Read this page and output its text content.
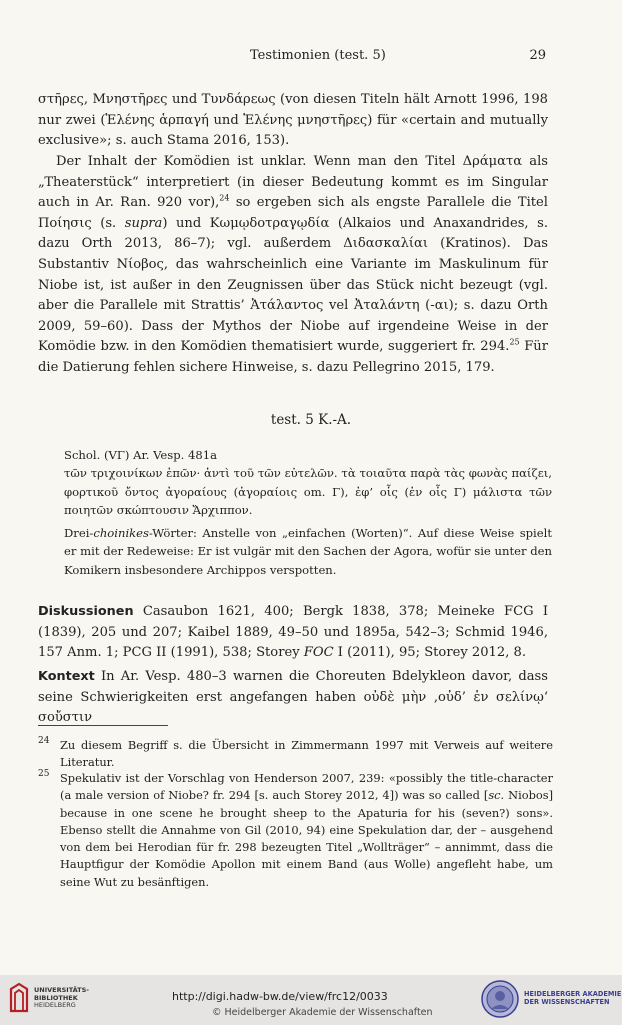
Testimonien (test. 5)	29
στῆρες, Μνηστῆρες und Τυνδάρεως (von diesen Titeln hält Arnott 1996, 198 nur zwei (Ἑλένης ἁρπαγή und Ἑλένης μνηστῆρες) für «certain and mutually exclusive»; s. auch Stama 2016, 153).
Der Inhalt der Komödien ist unklar. Wenn man den Titel Δράματα als „Theaterstück“ interpretiert (in dieser Bedeutung kommt es im Singular auch in Ar. Ran. 920 vor),$^{24}$ so ergeben sich als engste Parallele die Titel Ποίησις (s. supra) und Κωμῳδοτραγῳδία (Alkaios und Anaxandrides, s. dazu Orth 2013, 86–7); vgl. außerdem Διδασκαλίαι (Kratinos). Das Substantiv Νίοβος, das wahrscheinlich eine Variante im Maskulinum für Niobe ist, ist außer in den Zeugnissen über das Stück nicht bezeugt (vgl. aber die Parallele mit Strattis’ Ἀτάλαντος vel Ἀταλάντη (-αι); s. dazu Orth 2009, 59–60). Dass der Mythos der Niobe auf irgendeine Weise in der Komödie bzw. in den Komödien thematisiert wurde, suggeriert fr. 294.25 Für die Datierung fehlen sichere Hinweise, s. dazu Pellegrino 2015, 179.
test. 5 K.-A.
Schol. (VΓ) Ar. Vesp. 481a
τῶν τριχοινίκων ἐπῶν· ἀντὶ τοῦ τῶν εὐτελῶν. τὰ τοιαῦτα παρὰ τὰς φωνὰς παίζει, φορτικοῦ ὄντος ἀγοραίους (ἀγοραίοις om. Γ), ἐφ’ οἷς (ἐν οἷς Γ) μάλιστα τῶν ποιητῶν σκώπτουσιν Ἄρχιππον.
Drei-choinikes-Wörter: Anstelle von „einfachen (Worten)“. Auf diese Weise spielt er mit der Redeweise: Er ist vulgär mit den Sachen der Agora, wofür sie unter den Komikern insbesondere Archippos verspotten.
Diskussionen Casaubon 1621, 400; Bergk 1838, 378; Meineke FCG I (1839), 205 und 207; Kaibel 1889, 49–50 und 1895a, 542–3; Schmid 1946, 157 Anm. 1; PCG II (1991), 538; Storey FOC I (2011), 95; Storey 2012, 8.
Kontext In Ar. Vesp. 480–3 warnen die Choreuten Bdelykleon davor, dass seine Schwierigkeiten erst angefangen haben οὐδὲ μὴν ,οὐδ’ ἐν σελίνῳ‘ σοὔστιν
24 Zu diesem Begriff s. die Übersicht in Zimmermann 1997 mit Verweis auf weitere Literatur.
25 Spekulativ ist der Vorschlag von Henderson 2007, 239: «possibly the title-character (a male version of Niobe? fr. 294 [s. auch Storey 2012, 4]) was so called [sc. Niobos] because in one scene he brought sheep to the Apaturia for his (seven?) sons». Ebenso stellt die Annahme von Gil (2010, 94) eine Spekulation dar, der – ausgehend von dem bei Herodian für fr. 298 bezeugten Titel „Wollträger“ – annimmt, dass die Hauptfigur der Komödie Apollon mit einem Band (aus Wolle) angefleht habe, um seine Wut zu besänftigen.
UNIVERSITÄTS-
BIBLIOTHEK
HEIDELBERG
http://digi.hadw-bw.de/view/frc12/0033
© Heidelberger Akademie der Wissenschaften
HEIDELBERGER AKADEMIE
DER WISSENSCHAFTEN
